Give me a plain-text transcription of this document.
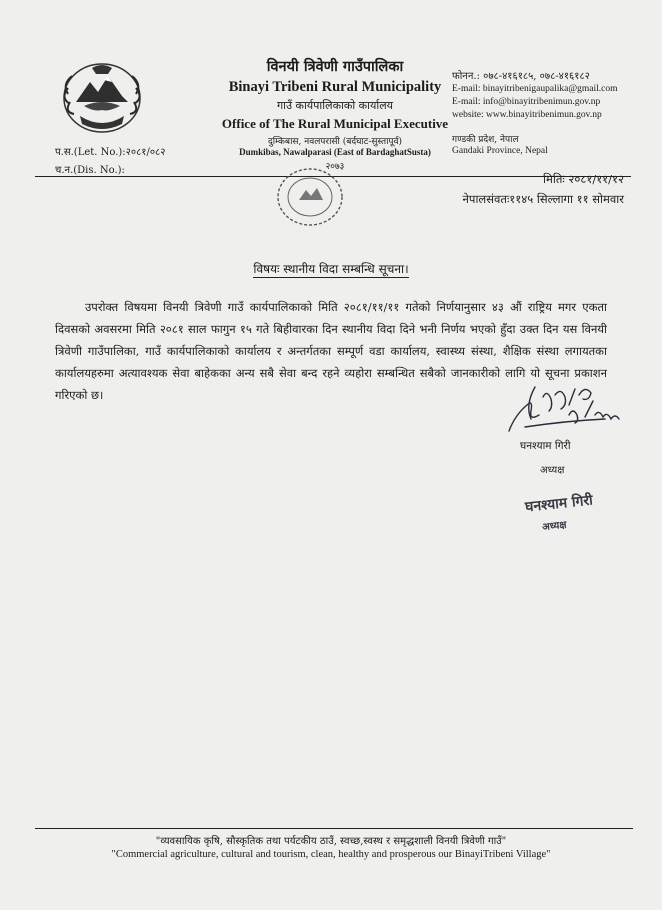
विनयी त्रिवेणी गाउँपालिका
Binayi Tribeni Rural Municipality
गाउँ कार्यपालिकाको कार्यालय
Office of The Rural Municipal Executive
दुम्किबास, नवलपरासी (बर्दघाट-सुस्तापूर्व)
Dumkibas, Nawalparasi (East of BardaghatSusta)
२०७३
फोनन.: ०७८-४१६१८५, ०७८-४१६१८२
E-mail: binayitribenigaupalika@gmail.com
E-mail: info@binayitribenimun.gov.np
website: www.binayitribenimun.gov.np
गण्डकी प्रदेश, नेपाल
Gandaki Province, Nepal
प.स.(Let. No.):२०८१/०८२
च.न.(Dis. No.):
मितिः २०८१/११/१२
नेपालसंवतः११४५ सिल्लागा ११ सोमवार
विषयः स्थानीय विदा सम्बन्धि सूचना।

उपरोक्त विषयमा विनयी त्रिवेणी गाउँ कार्यपालिकाको मिति २०८१/११/११ गतेको निर्णयानुसार ४३ औं राष्ट्रिय मगर एकता दिवसको अवसरमा मिति २०८१ साल फागुन १५ गते बिहीवारका दिन स्थानीय विदा दिने भनी निर्णय भएको हुँदा उक्त दिन यस विनयी त्रिवेणी गाउँपालिका, गाउँ कार्यपालिकाको कार्यालय र अन्तर्गतका सम्पूर्ण वडा कार्यालय, स्वास्थ्य संस्था, शैक्षिक संस्था लगायतका कार्यालयहरुमा अत्यावश्यक सेवा बाहेकका अन्य सबै सेवा बन्द रहने व्यहोरा सम्बन्धित सबैको जानकारीको लागि यो सूचना प्रकाशन गरिएको छ।

घनश्याम गिरी
अध्यक्ष
घनश्याम गिरी
अध्यक्ष
"व्यवसायिक कृषि, सौस्कृतिक तथा पर्यटकीय ठाउँ, स्वच्छ,स्वस्थ र समृद्धशाली विनयी त्रिवेणी गाउँ"
"Commercial agriculture, cultural and tourism, clean, healthy and prosperous our BinayiTribeni Village"
